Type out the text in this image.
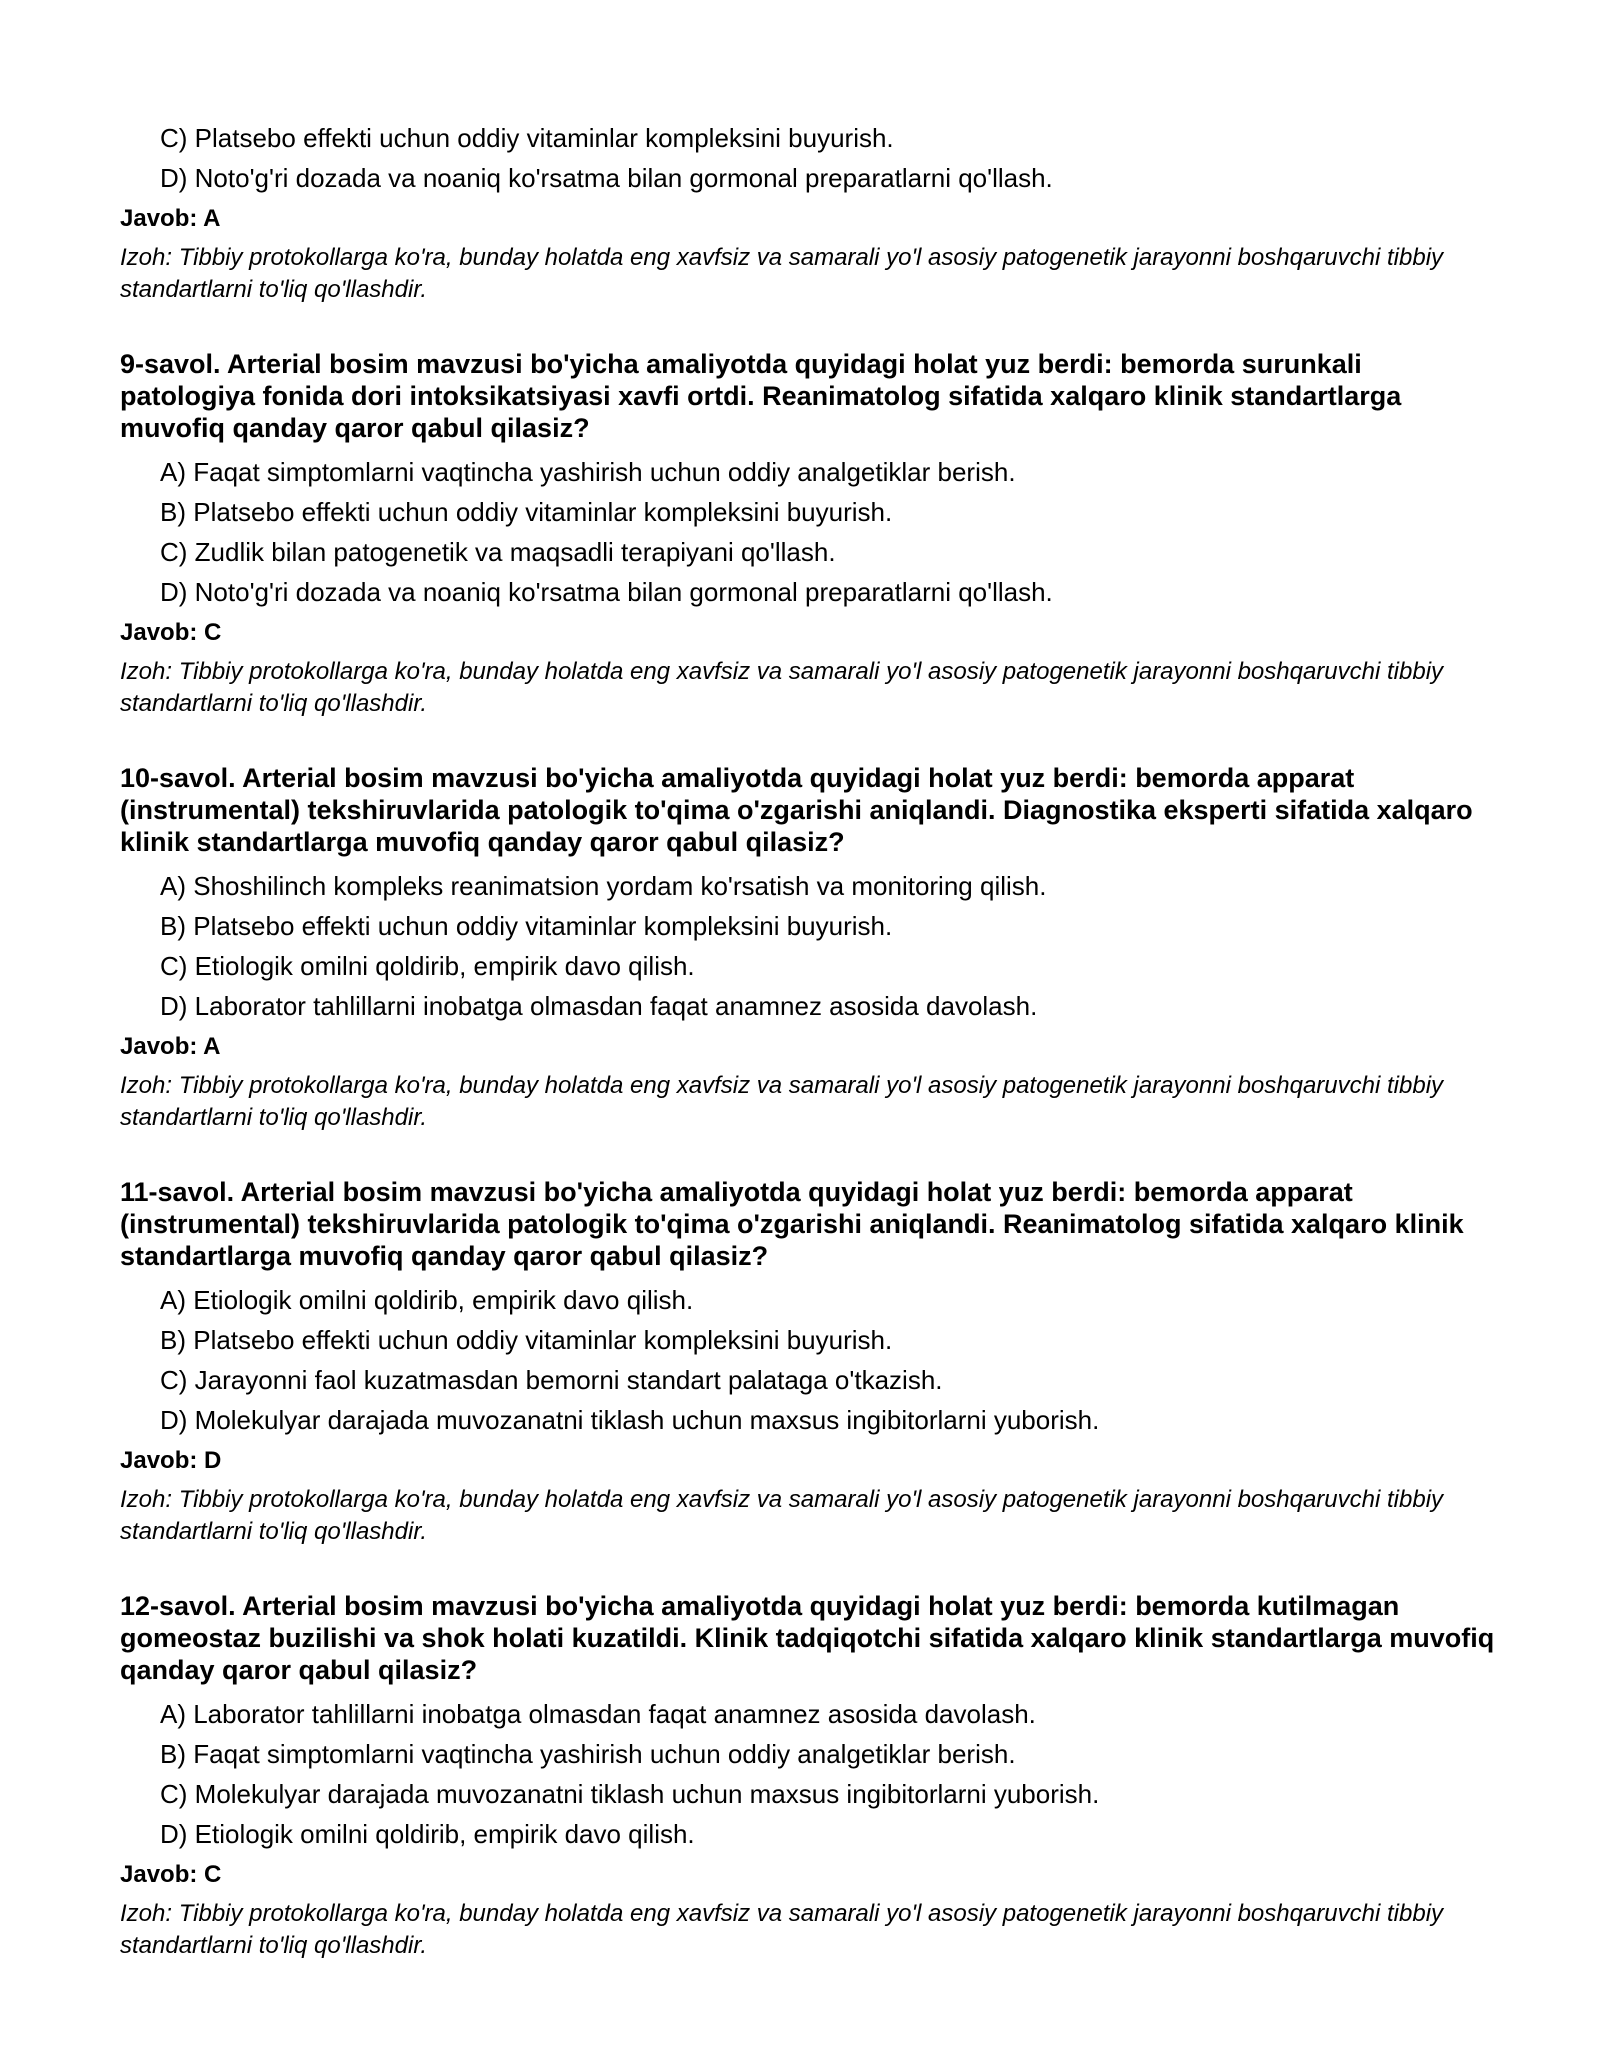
C) Platsebo effekti uchun oddiy vitaminlar kompleksini buyurish.
D) Noto'g'ri dozada va noaniq ko'rsatma bilan gormonal preparatlarni qo'llash.
Javob: A
Izoh: Tibbiy protokollarga ko'ra, bunday holatda eng xavfsiz va samarali yo'l asosiy patogenetik jarayonni boshqaruvchi tibbiy standartlarni to'liq qo'llashdir.
9-savol. Arterial bosim mavzusi bo'yicha amaliyotda quyidagi holat yuz berdi: bemorda surunkali patologiya fonida dori intoksikatsiyasi xavfi ortdi. Reanimatolog sifatida xalqaro klinik standartlarga muvofiq qanday qaror qabul qilasiz?
A) Faqat simptomlarni vaqtincha yashirish uchun oddiy analgetiklar berish.
B) Platsebo effekti uchun oddiy vitaminlar kompleksini buyurish.
C) Zudlik bilan patogenetik va maqsadli terapiyani qo'llash.
D) Noto'g'ri dozada va noaniq ko'rsatma bilan gormonal preparatlarni qo'llash.
Javob: C
Izoh: Tibbiy protokollarga ko'ra, bunday holatda eng xavfsiz va samarali yo'l asosiy patogenetik jarayonni boshqaruvchi tibbiy standartlarni to'liq qo'llashdir.
10-savol. Arterial bosim mavzusi bo'yicha amaliyotda quyidagi holat yuz berdi: bemorda apparat (instrumental) tekshiruvlarida patologik to'qima o'zgarishi aniqlandi. Diagnostika eksperti sifatida xalqaro klinik standartlarga muvofiq qanday qaror qabul qilasiz?
A) Shoshilinch kompleks reanimatsion yordam ko'rsatish va monitoring qilish.
B) Platsebo effekti uchun oddiy vitaminlar kompleksini buyurish.
C) Etiologik omilni qoldirib, empirik davo qilish.
D) Laborator tahlillarni inobatga olmasdan faqat anamnez asosida davolash.
Javob: A
Izoh: Tibbiy protokollarga ko'ra, bunday holatda eng xavfsiz va samarali yo'l asosiy patogenetik jarayonni boshqaruvchi tibbiy standartlarni to'liq qo'llashdir.
11-savol. Arterial bosim mavzusi bo'yicha amaliyotda quyidagi holat yuz berdi: bemorda apparat (instrumental) tekshiruvlarida patologik to'qima o'zgarishi aniqlandi. Reanimatolog sifatida xalqaro klinik standartlarga muvofiq qanday qaror qabul qilasiz?
A) Etiologik omilni qoldirib, empirik davo qilish.
B) Platsebo effekti uchun oddiy vitaminlar kompleksini buyurish.
C) Jarayonni faol kuzatmasdan bemorni standart palataga o'tkazish.
D) Molekulyar darajada muvozanatni tiklash uchun maxsus ingibitorlarni yuborish.
Javob: D
Izoh: Tibbiy protokollarga ko'ra, bunday holatda eng xavfsiz va samarali yo'l asosiy patogenetik jarayonni boshqaruvchi tibbiy standartlarni to'liq qo'llashdir.
12-savol. Arterial bosim mavzusi bo'yicha amaliyotda quyidagi holat yuz berdi: bemorda kutilmagan gomeostaz buzilishi va shok holati kuzatildi. Klinik tadqiqotchi sifatida xalqaro klinik standartlarga muvofiq qanday qaror qabul qilasiz?
A) Laborator tahlillarni inobatga olmasdan faqat anamnez asosida davolash.
B) Faqat simptomlarni vaqtincha yashirish uchun oddiy analgetiklar berish.
C) Molekulyar darajada muvozanatni tiklash uchun maxsus ingibitorlarni yuborish.
D) Etiologik omilni qoldirib, empirik davo qilish.
Javob: C
Izoh: Tibbiy protokollarga ko'ra, bunday holatda eng xavfsiz va samarali yo'l asosiy patogenetik jarayonni boshqaruvchi tibbiy standartlarni to'liq qo'llashdir.
